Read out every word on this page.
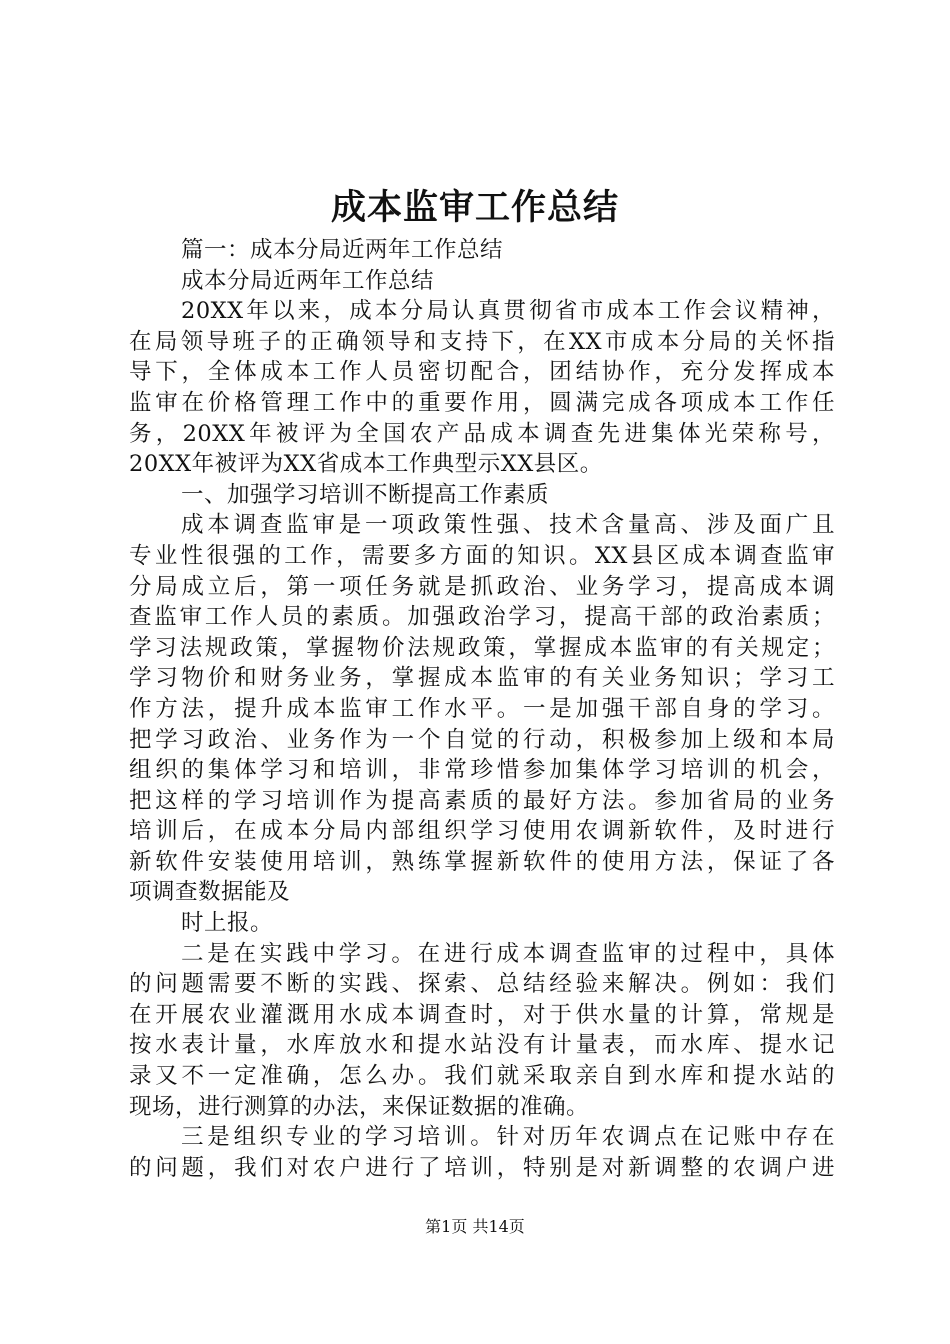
成本监审工作总结
篇一：成本分局近两年工作总结
成本分局近两年工作总结
20XX年以来，成本分局认真贯彻省市成本工作会议精神，
在局领导班子的正确领导和支持下，在XX市成本分局的关怀指
导下，全体成本工作人员密切配合，团结协作，充分发挥成本
监审在价格管理工作中的重要作用，圆满完成各项成本工作任
务，20XX年被评为全国农产品成本调查先进集体光荣称号，
20XX年被评为XX省成本工作典型示XX县区。
一、加强学习培训不断提高工作素质
成本调查监审是一项政策性强、技术含量高、涉及面广且
专业性很强的工作，需要多方面的知识。XX县区成本调查监审
分局成立后，第一项任务就是抓政治、业务学习，提高成本调
查监审工作人员的素质。加强政治学习，提高干部的政治素质；
学习法规政策，掌握物价法规政策，掌握成本监审的有关规定；
学习物价和财务业务，掌握成本监审的有关业务知识；学习工
作方法，提升成本监审工作水平。一是加强干部自身的学习。
把学习政治、业务作为一个自觉的行动，积极参加上级和本局
组织的集体学习和培训，非常珍惜参加集体学习培训的机会，
把这样的学习培训作为提高素质的最好方法。参加省局的业务
培训后，在成本分局内部组织学习使用农调新软件，及时进行
新软件安装使用培训，熟练掌握新软件的使用方法，保证了各
项调查数据能及
时上报。
二是在实践中学习。在进行成本调查监审的过程中，具体
的问题需要不断的实践、探索、总结经验来解决。例如：我们
在开展农业灌溉用水成本调查时，对于供水量的计算，常规是
按水表计量，水库放水和提水站没有计量表，而水库、提水记
录又不一定准确，怎么办。我们就采取亲自到水库和提水站的
现场，进行测算的办法，来保证数据的准确。
三是组织专业的学习培训。针对历年农调点在记账中存在
的问题，我们对农户进行了培训，特别是对新调整的农调户进
第1页 共14页
